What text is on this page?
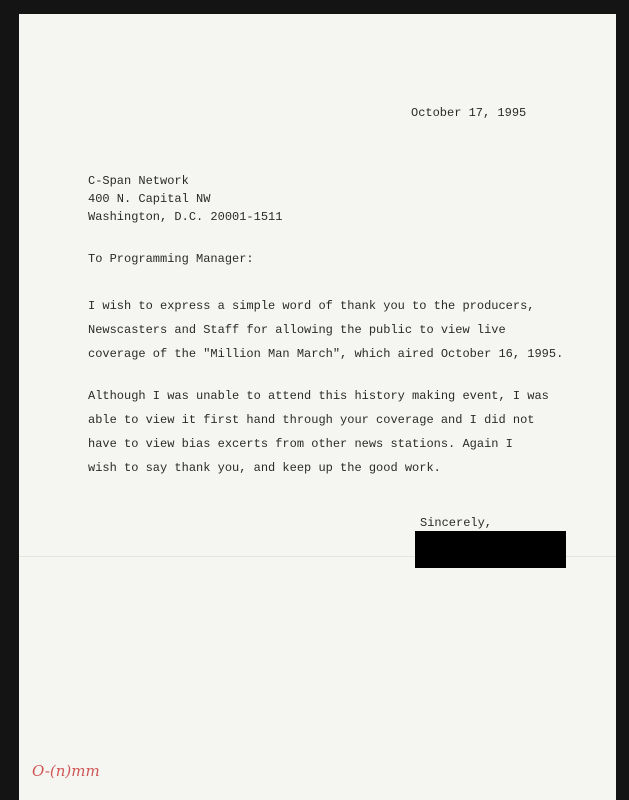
October 17, 1995
C-Span Network
400 N. Capital NW
Washington, D.C. 20001-1511
To Programming Manager:
I wish to express a simple word of thank you to the producers,
Newscasters and Staff for allowing the public to view live
coverage of the "Million Man March", which aired October 16, 1995.
Although I was unable to attend this history making event, I was
able to view it first hand through your coverage and I did not
have to view bias excerts from other news stations. Again I
wish to say thank you, and keep up the good work.
Sincerely,
O-(n)mm
